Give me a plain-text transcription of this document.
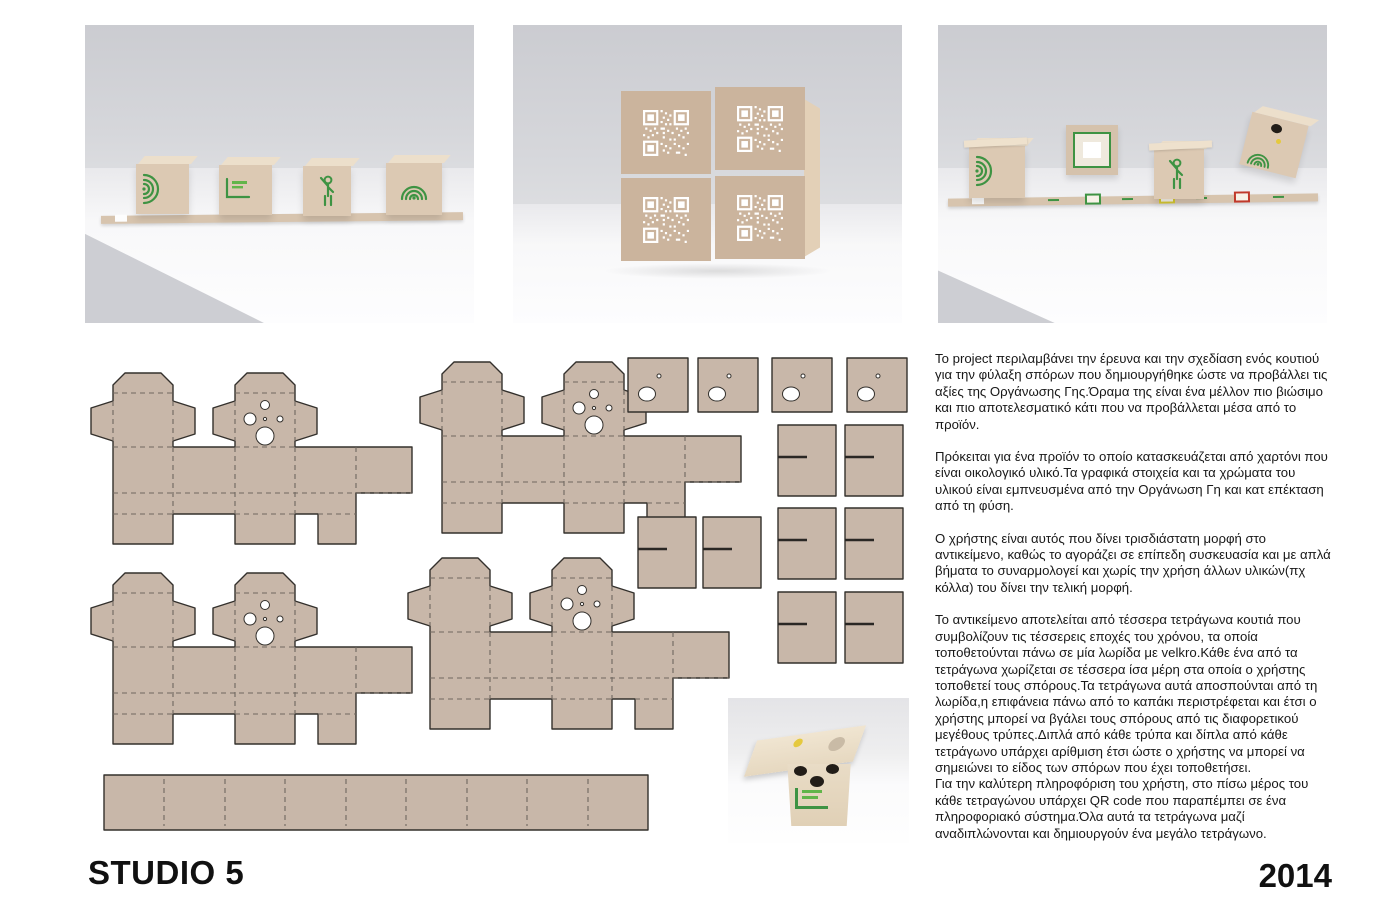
Το project περιλαμβάνει την έρευνα και την σχεδίαση ενός κουτιού για την φύλαξη σπόρων που δημιουργήθηκε ώστε να προβάλλει τις αξίες της Οργάνωσης Γης.Όραμα της είναι ένα μέλλον πιο βιώσιμο και πιο αποτελεσματικό κάτι που να προβάλλεται μέσα από το προϊόν.

Πρόκειται για ένα προϊόν το οποίο κατασκευάζεται από χαρτόνι που είναι οικολογικό υλικό.Τα γραφικά στοιχεία και τα χρώματα του υλικού είναι εμπνευσμένα από την Οργάνωση Γη και κατ επέκταση από τη φύση.

Ο χρήστης είναι αυτός που δίνει τρισδιάστατη μορφή στο αντικείμενο, καθώς το αγοράζει σε επίπεδη συσκευασία και με απλά βήματα το συναρμολογεί και χωρίς την χρήση άλλων υλικών(πχ κόλλα) του δίνει την τελική μορφή.

Το αντικείμενο αποτελείται από τέσσερα τετράγωνα κουτιά που συμβολίζουν τις τέσσερεις εποχές του χρόνου, τα οποία τοποθετούνται πάνω σε μία λωρίδα με velkro.Κάθε ένα από τα τετράγωνα χωρίζεται σε τέσσερα ίσα μέρη στα οποία ο χρήστης τοποθετεί τους σπόρους.Τα τετράγωνα αυτά αποσπούνται από τη λωρίδα,η επιφάνεια πάνω από το καπάκι περιστρέφεται και έτσι ο χρήστης μπορεί να βγάλει τους σπόρους από τις διαφορετικού μεγέθους τρύπες.Διπλά από κάθε τρύπα και δίπλα από κάθε τετράγωνο υπάρχει αρίθμιση έτσι ώστε ο χρήστης να μπορεί να σημειώνει το είδος των σπόρων που έχει τοποθετήσει.

Για την καλύτερη πληροφόριση του χρήστη, στο πίσω μέρος του κάθε τετραγώνου υπάρχει QR code που παραπέμπει σε ένα πληροφοριακό σύστημα.Όλα αυτά τα τετράγωνα μαζί αναδιπλώνονται και δημιουργούν ένα μεγάλο τετράγωνο.

STUDIO 5	2014
